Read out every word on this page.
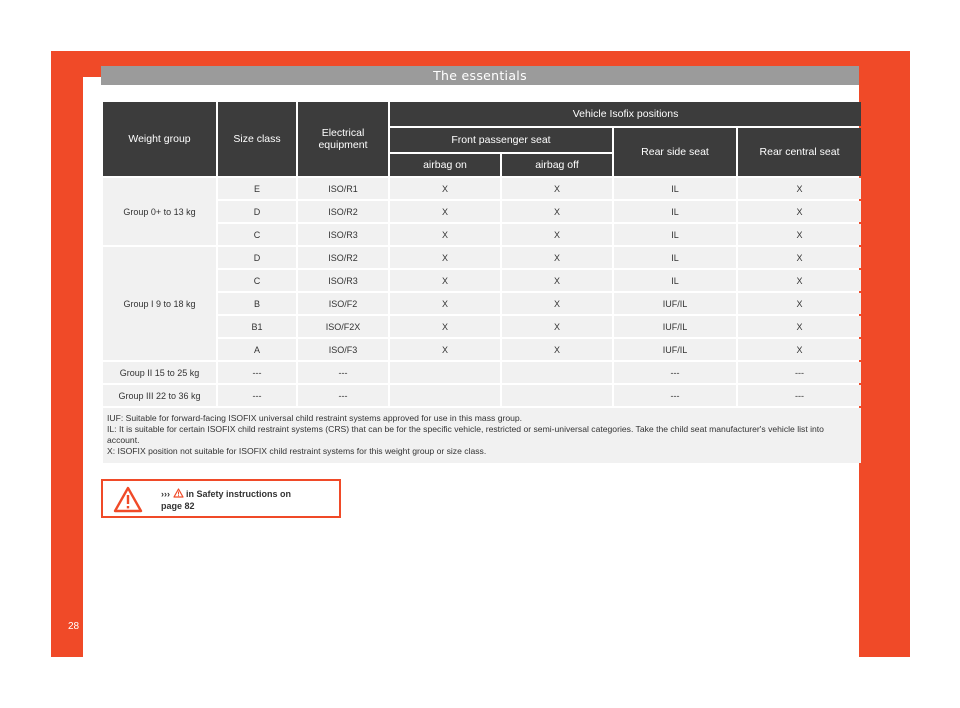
The essentials
Weight group	Size class	Electrical equipment	Vehicle Isofix positions			
			Front passenger seat		Rear side seat	Rear central seat
			airbag on	airbag off		
Group 0+ to 13 kg	E	ISO/R1	X	X	IL	X
	D	ISO/R2	X	X	IL	X
	C	ISO/R3	X	X	IL	X
Group I 9 to 18 kg	D	ISO/R2	X	X	IL	X
	C	ISO/R3	X	X	IL	X
	B	ISO/F2	X	X	IUF/IL	X
	B1	ISO/F2X	X	X	IUF/IL	X
	A	ISO/F3	X	X	IUF/IL	X
Group II 15 to 25 kg	---	---			---	---
Group III 22 to 36 kg	---	---			---	---

IUF: Suitable for forward-facing ISOFIX universal child restraint systems approved for use in this mass group.
IL: It is suitable for certain ISOFIX child restraint systems (CRS) that can be for the specific vehicle, restricted or semi-universal categories. Take the child seat manufacturer's vehicle list into account.
X: ISOFIX position not suitable for ISOFIX child restraint systems for this weight group or size class.						
››› in Safety instructions on
page 82
28
